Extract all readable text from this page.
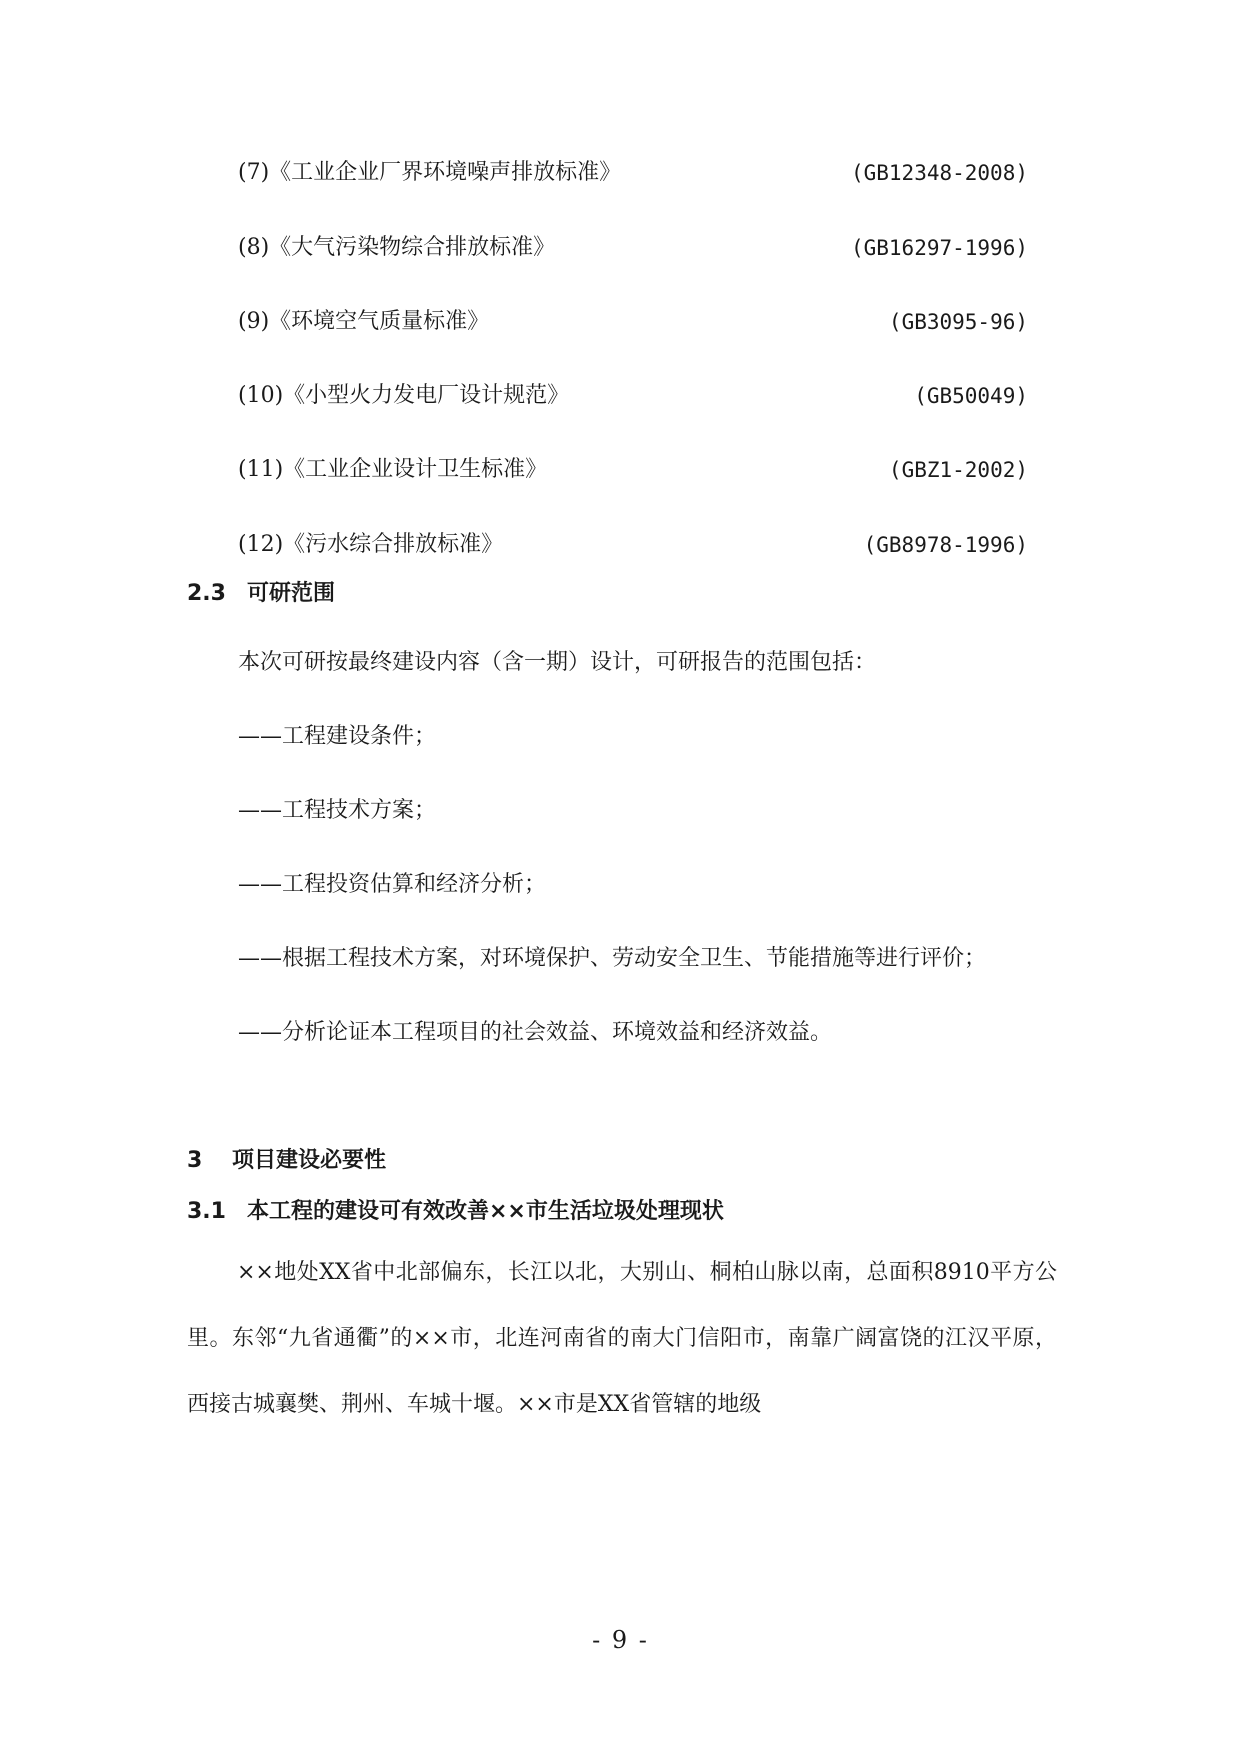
(7)《工业企业厂界环境噪声排放标准》	(GB12348-2008)
(8)《大气污染物综合排放标准》	(GB16297-1996)
(9)《环境空气质量标准》	(GB3095-96)
(10)《小型火力发电厂设计规范》	(GB50049)
(11)《工业企业设计卫生标准》	(GBZ1-2002)
(12)《污水综合排放标准》	(GB8978-1996)
2.3 可研范围
本次可研按最终建设内容（含一期）设计，可研报告的范围包括：
——工程建设条件；
——工程技术方案；
——工程投资估算和经济分析；
——根据工程技术方案，对环境保护、劳动安全卫生、节能措施等进行评价；
——分析论证本工程项目的社会效益、环境效益和经济效益。
3 项目建设必要性
3.1 本工程的建设可有效改善××市生活垃圾处理现状
××地处XX省中北部偏东，长江以北，大别山、桐柏山脉以南，总面积8910平方公里。东邻“九省通衢”的××市，北连河南省的南大门信阳市，南靠广阔富饶的江汉平原，西接古城襄樊、荆州、车城十堰。××市是XX省管辖的地级
- 9 -
